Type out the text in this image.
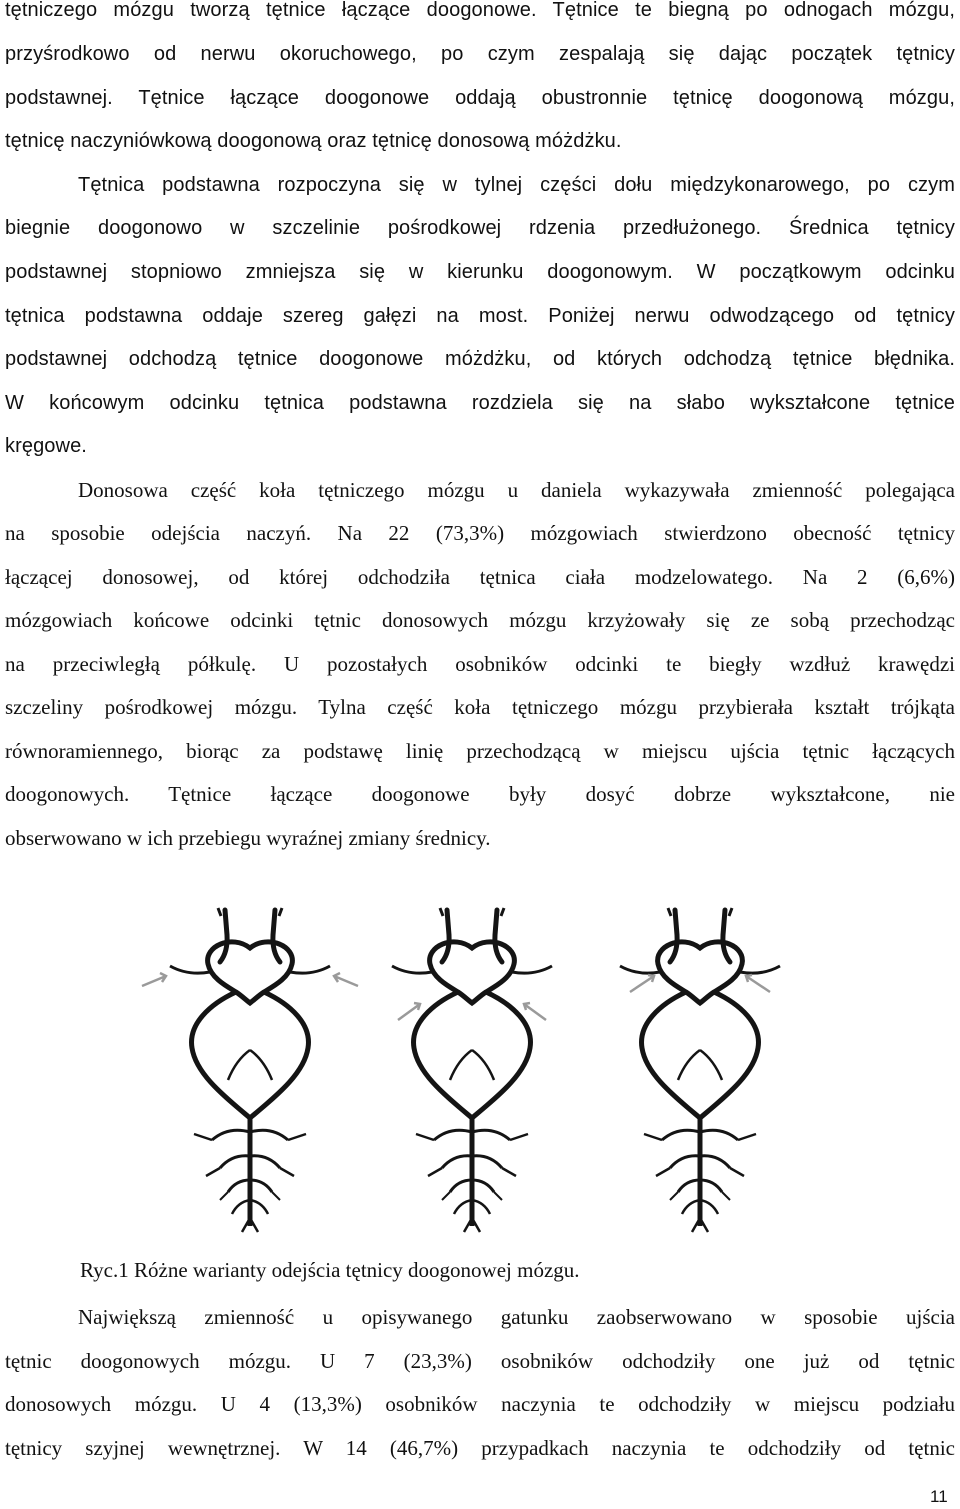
tętniczego mózgu tworzą tętnice łączące doogonowe. Tętnice te biegną po odnogach mózgu,
przyśrodkowo od nerwu okoruchowego, po czym zespalają się dając początek tętnicy
podstawnej. Tętnice łączące doogonowe oddają obustronnie tętnicę doogonową mózgu,
tętnicę naczyniówkową doogonową oraz tętnicę donosową móżdżku.
Tętnica podstawna rozpoczyna się w tylnej części dołu międzykonarowego, po czym
biegnie doogonowo w szczelinie pośrodkowej rdzenia przedłużonego. Średnica tętnicy
podstawnej stopniowo zmniejsza się w kierunku doogonowym. W początkowym odcinku
tętnica podstawna oddaje szereg gałęzi na most. Poniżej nerwu odwodzącego od tętnicy
podstawnej odchodzą tętnice doogonowe móżdżku, od których odchodzą tętnice błędnika.
W końcowym odcinku tętnica podstawna rozdziela się na słabo wykształcone tętnice
kręgowe.
Donosowa część koła tętniczego mózgu u daniela wykazywała zmienność polegająca
na sposobie odejścia naczyń. Na 22 (73,3%) mózgowiach stwierdzono obecność tętnicy
łączącej donosowej, od której odchodziła tętnica ciała modzelowatego. Na 2 (6,6%)
mózgowiach końcowe odcinki tętnic donosowych mózgu krzyżowały się ze sobą przechodząc
na przeciwległą półkulę. U pozostałych osobników odcinki te biegły wzdłuż krawędzi
szczeliny pośrodkowej mózgu. Tylna część koła tętniczego mózgu przybierała kształt trójkąta
równoramiennego, biorąc za podstawę linię przechodzącą w miejscu ujścia tętnic łączących
doogonowych. Tętnice łączące doogonowe były dosyć dobrze wykształcone, nie
obserwowano w ich przebiegu wyraźnej zmiany średnicy.
Ryc.1 Różne warianty odejścia tętnicy doogonowej mózgu.
Największą zmienność u opisywanego gatunku zaobserwowano w sposobie ujścia
tętnic doogonowych mózgu. U 7 (23,3%) osobników odchodziły one już od tętnic
donosowych mózgu. U 4 (13,3%) osobników naczynia te odchodziły w miejscu podziału
tętnicy szyjnej wewnętrznej. W 14 (46,7%) przypadkach naczynia te odchodziły od tętnic
11
